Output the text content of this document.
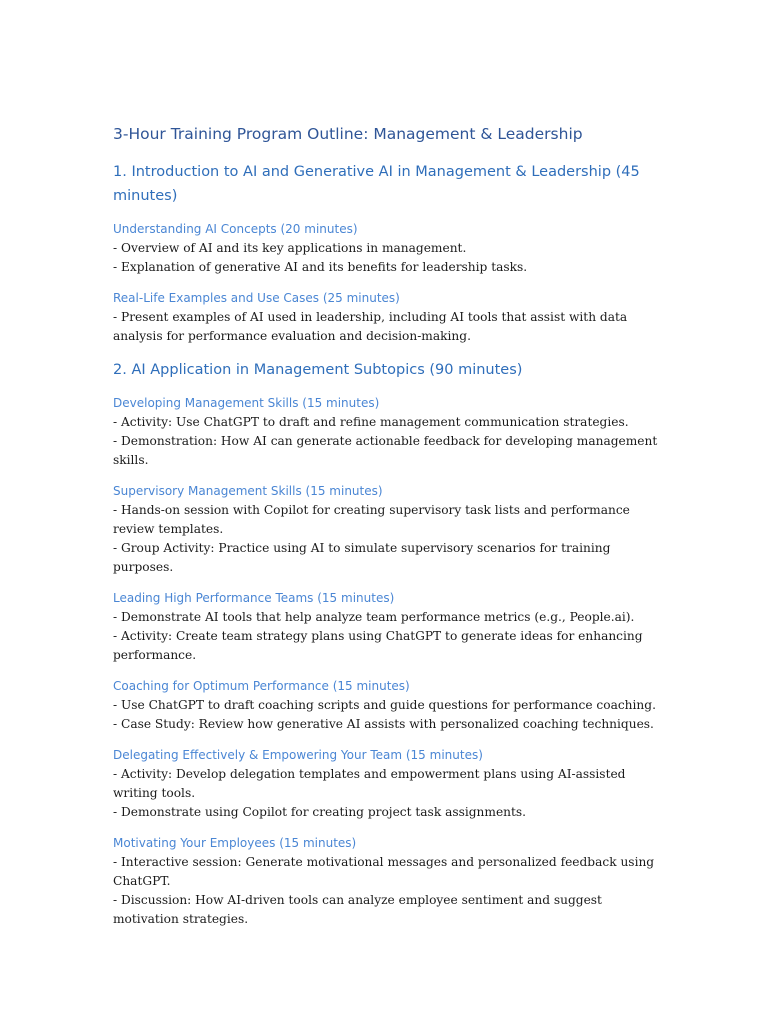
3-Hour Training Program Outline: Management & Leadership
1. Introduction to AI and Generative AI in Management & Leadership (45 minutes)
Understanding AI Concepts (20 minutes)

- Overview of AI and its key applications in management.

- Explanation of generative AI and its benefits for leadership tasks.

Real-Life Examples and Use Cases (25 minutes)

- Present examples of AI used in leadership, including AI tools that assist with data analysis for performance evaluation and decision-making.

2. AI Application in Management Subtopics (90 minutes)
Developing Management Skills (15 minutes)

- Activity: Use ChatGPT to draft and refine management communication strategies.

- Demonstration: How AI can generate actionable feedback for developing management skills.

Supervisory Management Skills (15 minutes)

- Hands-on session with Copilot for creating supervisory task lists and performance review templates.

- Group Activity: Practice using AI to simulate supervisory scenarios for training purposes.

Leading High Performance Teams (15 minutes)

- Demonstrate AI tools that help analyze team performance metrics (e.g., People.ai).

- Activity: Create team strategy plans using ChatGPT to generate ideas for enhancing performance.

Coaching for Optimum Performance (15 minutes)

- Use ChatGPT to draft coaching scripts and guide questions for performance coaching.

- Case Study: Review how generative AI assists with personalized coaching techniques.

Delegating Effectively & Empowering Your Team (15 minutes)

- Activity: Develop delegation templates and empowerment plans using AI-assisted writing tools.

- Demonstrate using Copilot for creating project task assignments.

Motivating Your Employees (15 minutes)

- Interactive session: Generate motivational messages and personalized feedback using ChatGPT.

- Discussion: How AI-driven tools can analyze employee sentiment and suggest motivation strategies.
